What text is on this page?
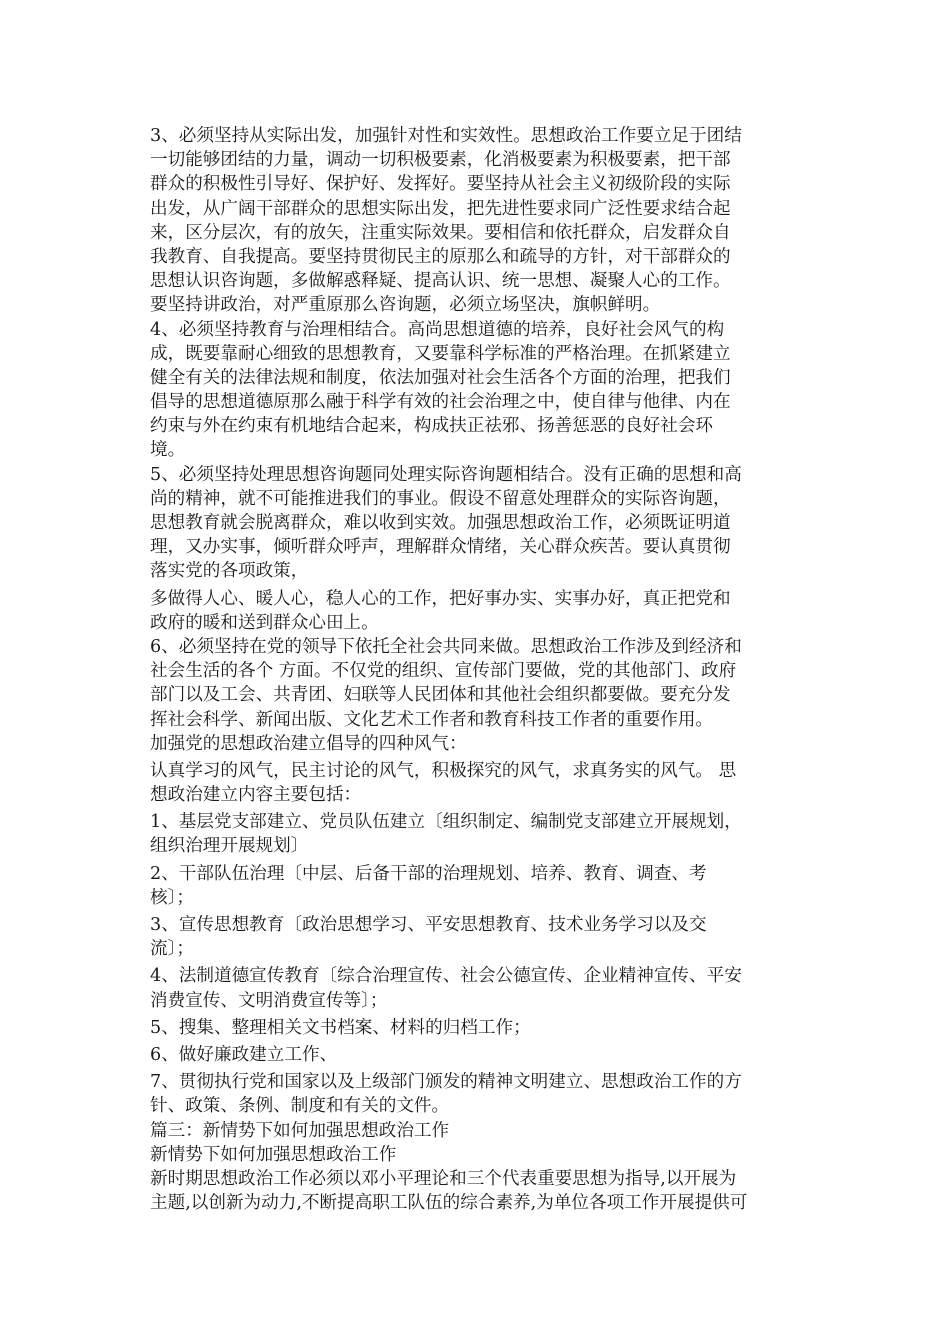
3、必须坚持从实际出发，加强针对性和实效性。思想政治工作要立足于团结
一切能够团结的力量，调动一切积极要素，化消极要素为积极要素，把干部
群众的积极性引导好、保护好、发挥好。要坚持从社会主义初级阶段的实际
出发，从广阔干部群众的思想实际出发，把先进性要求同广泛性要求结合起
来，区分层次，有的放矢，注重实际效果。要相信和依托群众，启发群众自
我教育、自我提高。要坚持贯彻民主的原那么和疏导的方针，对干部群众的
思想认识咨询题，多做解惑释疑、提高认识、统一思想、凝聚人心的工作。
要坚持讲政治，对严重原那么咨询题，必须立场坚决，旗帜鲜明。
4、必须坚持教育与治理相结合。高尚思想道德的培养，良好社会风气的构
成，既要靠耐心细致的思想教育，又要靠科学标准的严格治理。在抓紧建立
健全有关的法律法规和制度，依法加强对社会生活各个方面的治理，把我们
倡导的思想道德原那么融于科学有效的社会治理之中，使自律与他律、内在
约束与外在约束有机地结合起来，构成扶正祛邪、扬善惩恶的良好社会环
境。
5、必须坚持处理思想咨询题同处理实际咨询题相结合。没有正确的思想和高
尚的精神，就不可能推进我们的事业。假设不留意处理群众的实际咨询题，
思想教育就会脱离群众，难以收到实效。加强思想政治工作，必须既证明道
理，又办实事，倾听群众呼声，理解群众情绪，关心群众疾苦。要认真贯彻
落实党的各项政策，
多做得人心、暖人心，稳人心的工作，把好事办实、实事办好，真正把党和
政府的暖和送到群众心田上。
6、必须坚持在党的领导下依托全社会共同来做。思想政治工作涉及到经济和
社会生活的各个 方面。不仅党的组织、宣传部门要做，党的其他部门、政府
部门以及工会、共青团、妇联等人民团体和其他社会组织都要做。要充分发
挥社会科学、新闻出版、文化艺术工作者和教育科技工作者的重要作用。
加强党的思想政治建立倡导的四种风气：
认真学习的风气，民主讨论的风气，积极探究的风气，求真务实的风气。 思
想政治建立内容主要包括：
1、基层党支部建立、党员队伍建立〔组织制定、编制党支部建立开展规划，
组织治理开展规划〕
2、干部队伍治理〔中层、后备干部的治理规划、培养、教育、调查、考
核〕；
3、宣传思想教育〔政治思想学习、平安思想教育、技术业务学习以及交
流〕；
4、法制道德宣传教育〔综合治理宣传、社会公德宣传、企业精神宣传、平安
消费宣传、文明消费宣传等〕；
5、搜集、整理相关文书档案、材料的归档工作；
6、做好廉政建立工作、
7、贯彻执行党和国家以及上级部门颁发的精神文明建立、思想政治工作的方
针、政策、条例、制度和有关的文件。
篇三：新情势下如何加强思想政治工作
新情势下如何加强思想政治工作
新时期思想政治工作必须以邓小平理论和三个代表重要思想为指导,以开展为
主题,以创新为动力,不断提高职工队伍的综合素养,为单位各项工作开展提供可
